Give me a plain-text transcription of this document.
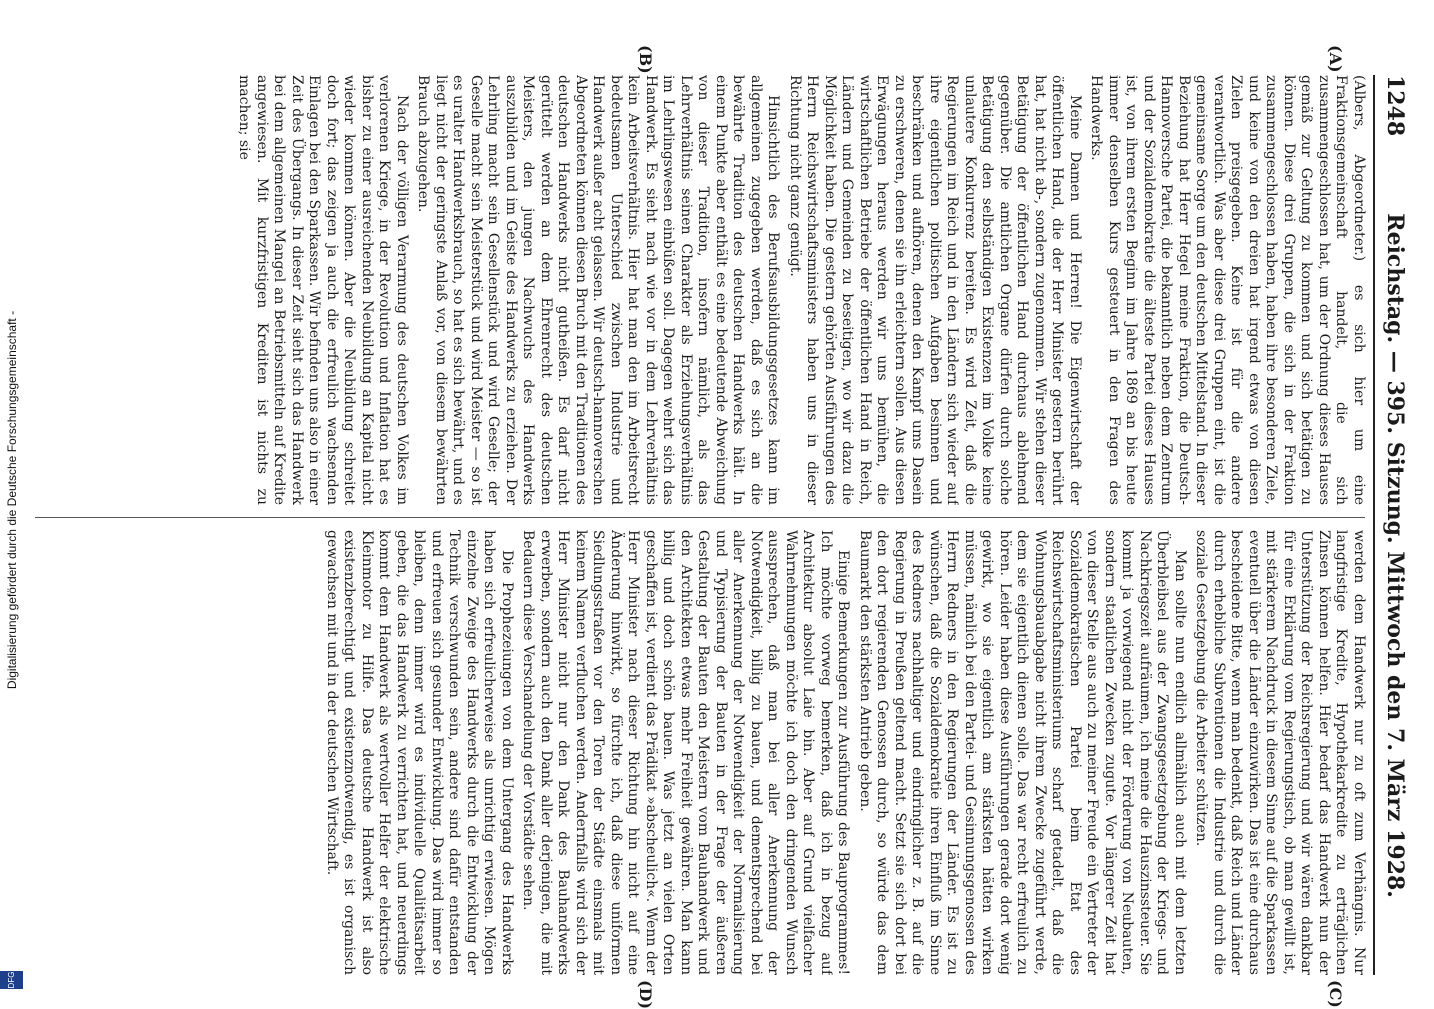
Digitalisierung gefördert durch die Deutsche Forschungsgemeinschaft -
DFG
1248
Reichstag. — 395. Sitzung. Mittwoch den 7. März 1928.
(A)
(B)
(C)
(D)

(Albers, Abgeordneter.) es sich hier um eine Fraktionsgemeinschaft handelt, die sich zusammengeschlossen hat, um der Ordnung dieses Hauses gemäß zur Geltung zu kommen und sich betätigen zu können. Diese drei Gruppen, die sich in der Fraktion zusammengeschlossen haben, haben ihre besonderen Ziele, und keine von den dreien hat irgend etwas von diesen Zielen preisgegeben. Keine ist für die andere verantwortlich. Was aber diese drei Gruppen eint, ist die gemeinsame Sorge um den deutschen Mittelstand. In dieser Beziehung hat Herr Hegel meine Fraktion, die Deutsch-Hannoversche Partei, die bekanntlich neben dem Zentrum und der Sozialdemokratie die älteste Partei dieses Hauses ist, von ihrem ersten Beginn im Jahre 1869 an bis heute immer denselben Kurs gesteuert in den Fragen des Handwerks.

Meine Damen und Herren! Die Eigenwirtschaft der öffentlichen Hand, die der Herr Minister gestern berührt hat, hat nicht ab-, sondern zugenommen. Wir stehen dieser Betätigung der öffentlichen Hand durchaus ablehnend gegenüber. Die amtlichen Organe dürfen durch solche Betätigung den selbständigen Existenzen im Volke keine unlautere Konkurrenz bereiten. Es wird Zeit, daß die Regierungen im Reich und in den Ländern sich wieder auf ihre eigentlichen politischen Aufgaben besinnen und beschränken und aufhören, denen den Kampf ums Dasein zu erschweren, denen sie ihn erleichtern sollen. Aus diesen Erwägungen heraus werden wir uns bemühen, die wirtschaftlichen Betriebe der öffentlichen Hand in Reich, Ländern und Gemeinden zu beseitigen, wo wir dazu die Möglichkeit haben. Die gestern gehörten Ausführungen des Herrn Reichswirtschaftsministers haben uns in dieser Richtung nicht ganz genügt.

Hinsichtlich des Berufsausbildungsgesetzes kann im allgemeinen zugegeben werden, daß es sich an die bewährte Tradition des deutschen Handwerks hält. In einem Punkte aber enthält es eine bedeutende Abweichung von dieser Tradition, insofern nämlich, als das Lehrverhältnis seinen Charakter als Erziehungsverhältnis im Lehrlingswesen einbüßen soll. Dagegen wehrt sich das Handwerk. Es sieht nach wie vor in dem Lehrverhältnis kein Arbeitsverhältnis. Hier hat man den im Arbeitsrecht bedeutsamen Unterschied zwischen Industrie und Handwerk außer acht gelassen. Wir deutsch-hannoverschen Abgeordneten können diesen Bruch mit den Traditionen des deutschen Handwerks nicht gutheißen. Es darf nicht gerüttelt werden an dem Ehrenrecht des deutschen Meisters, den jungen Nachwuchs des Handwerks auszubilden und im Geiste des Handwerks zu erziehen. Der Lehrling macht sein Gesellenstück und wird Geselle; der Geselle macht sein Meisterstück und wird Meister — so ist es uralter Handwerksbrauch, so hat es sich bewährt, und es liegt nicht der geringste Anlaß vor, von diesem bewährten Brauch abzugehen.

Nach der völligen Verarmung des deutschen Volkes im verlorenen Kriege, in der Revolution und Inflation hat es bisher zu einer ausreichenden Neubildung an Kapital nicht wieder kommen können. Aber die Neubildung schreitet doch fort; das zeigen ja auch die erfreulich wachsenden Einlagen bei den Sparkassen. Wir befinden uns also in einer Zeit des Übergangs. In dieser Zeit sieht sich das Handwerk bei dem allgemeinen Mangel an Betriebsmitteln auf Kredite angewiesen. Mit kurzfristigen Krediten ist nichts zu machen; sie

werden dem Handwerk nur zu oft zum Verhängnis. Nur langfristige Kredite, Hypothekarkredite zu erträglichen Zinsen können helfen. Hier bedarf das Handwerk nun der Unterstützung der Reichsregierung und wir wären dankbar für eine Erklärung vom Regierungstisch, ob man gewillt ist, mit stärkerem Nachdruck in diesem Sinne auf die Sparkassen eventuell über die Länder einzuwirken. Das ist eine durchaus bescheidene Bitte, wenn man bedenkt, daß Reich und Länder durch erhebliche Subventionen die Industrie und durch die soziale Gesetzgebung die Arbeiter schützen.

Man sollte nun endlich allmählich auch mit dem letzten Überbleibsel aus der Zwangsgesetzgebung der Kriegs- und Nachkriegszeit aufräumen, ich meine die Hauszinssteuer. Sie kommt ja vorwiegend nicht der Förderung von Neubauten, sondern staatlichen Zwecken zugute. Vor längerer Zeit hat von dieser Stelle aus auch zu meiner Freude ein Vertreter der Sozialdemokratischen Partei beim Etat des Reichswirtschaftsministeriums scharf getadelt, daß die Wohnungsbauabgabe nicht ihrem Zwecke zugeführt werde, dem sie eigentlich dienen solle. Das war recht erfreulich zu hören. Leider haben diese Ausführungen gerade dort wenig gewirkt, wo sie eigentlich am stärksten hätten wirken müssen, nämlich bei den Partei- und Gesinnungsgenossen des Herrn Redners in den Regierungen der Länder. Es ist zu wünschen, daß die Sozialdemokratie ihren Einfluß im Sinne des Redners nachhaltiger und eindringlicher z. B. auf die Regierung in Preußen geltend macht. Setzt sie sich dort bei den dort regierenden Genossen durch, so würde das dem Baumarkt den stärksten Antrieb geben.

Einige Bemerkungen zur Ausführung des Bauprogrammes! Ich möchte vorweg bemerken, daß ich in bezug auf Architektur absolut Laie bin. Aber auf Grund vielfacher Wahrnehmungen möchte ich doch den dringenden Wunsch aussprechen, daß man bei aller Anerkennung der Notwendigkeit, billig zu bauen, und dementsprechend bei aller Anerkennung der Notwendigkeit der Normalisierung und Typisierung der Bauten in der Frage der äußeren Gestaltung der Bauten den Meistern vom Bauhandwerk und den Architekten etwas mehr Freiheit gewähren. Man kann billig und doch schön bauen. Was jetzt an vielen Orten geschaffen ist, verdient das Prädikat »abscheulich«. Wenn der Herr Minister nach dieser Richtung hin nicht auf eine Änderung hinwirkt, so fürchte ich, daß diese uniformen Siedlungsstraßen vor den Toren der Städte einsmals mit keinem Namen verfluchen werden. Andernfalls wird sich der Herr Minister nicht nur den Dank des Bauhandwerks erwerben, sondern auch den Dank aller derjenigen, die mit Bedauern diese Verschandelung der Vorstädte sehen.

Die Prophezeiungen von dem Untergang des Handwerks haben sich erfreulicherweise als unrichtig erwiesen. Mögen einzelne Zweige des Handwerks durch die Entwicklung der Technik verschwunden sein, andere sind dafür entstanden und erfreuen sich gesunder Entwicklung. Das wird immer so bleiben, denn immer wird es individuelle Qualitätsarbeit geben, die das Handwerk zu verrichten hat, und neuerdings kommt dem Handwerk als wertvoller Helfer der elektrische Kleinmotor zu Hilfe. Das deutsche Handwerk ist also existenzberechtigt und existenznotwendig, es ist organisch gewachsen mit und in der deutschen Wirtschaft.
